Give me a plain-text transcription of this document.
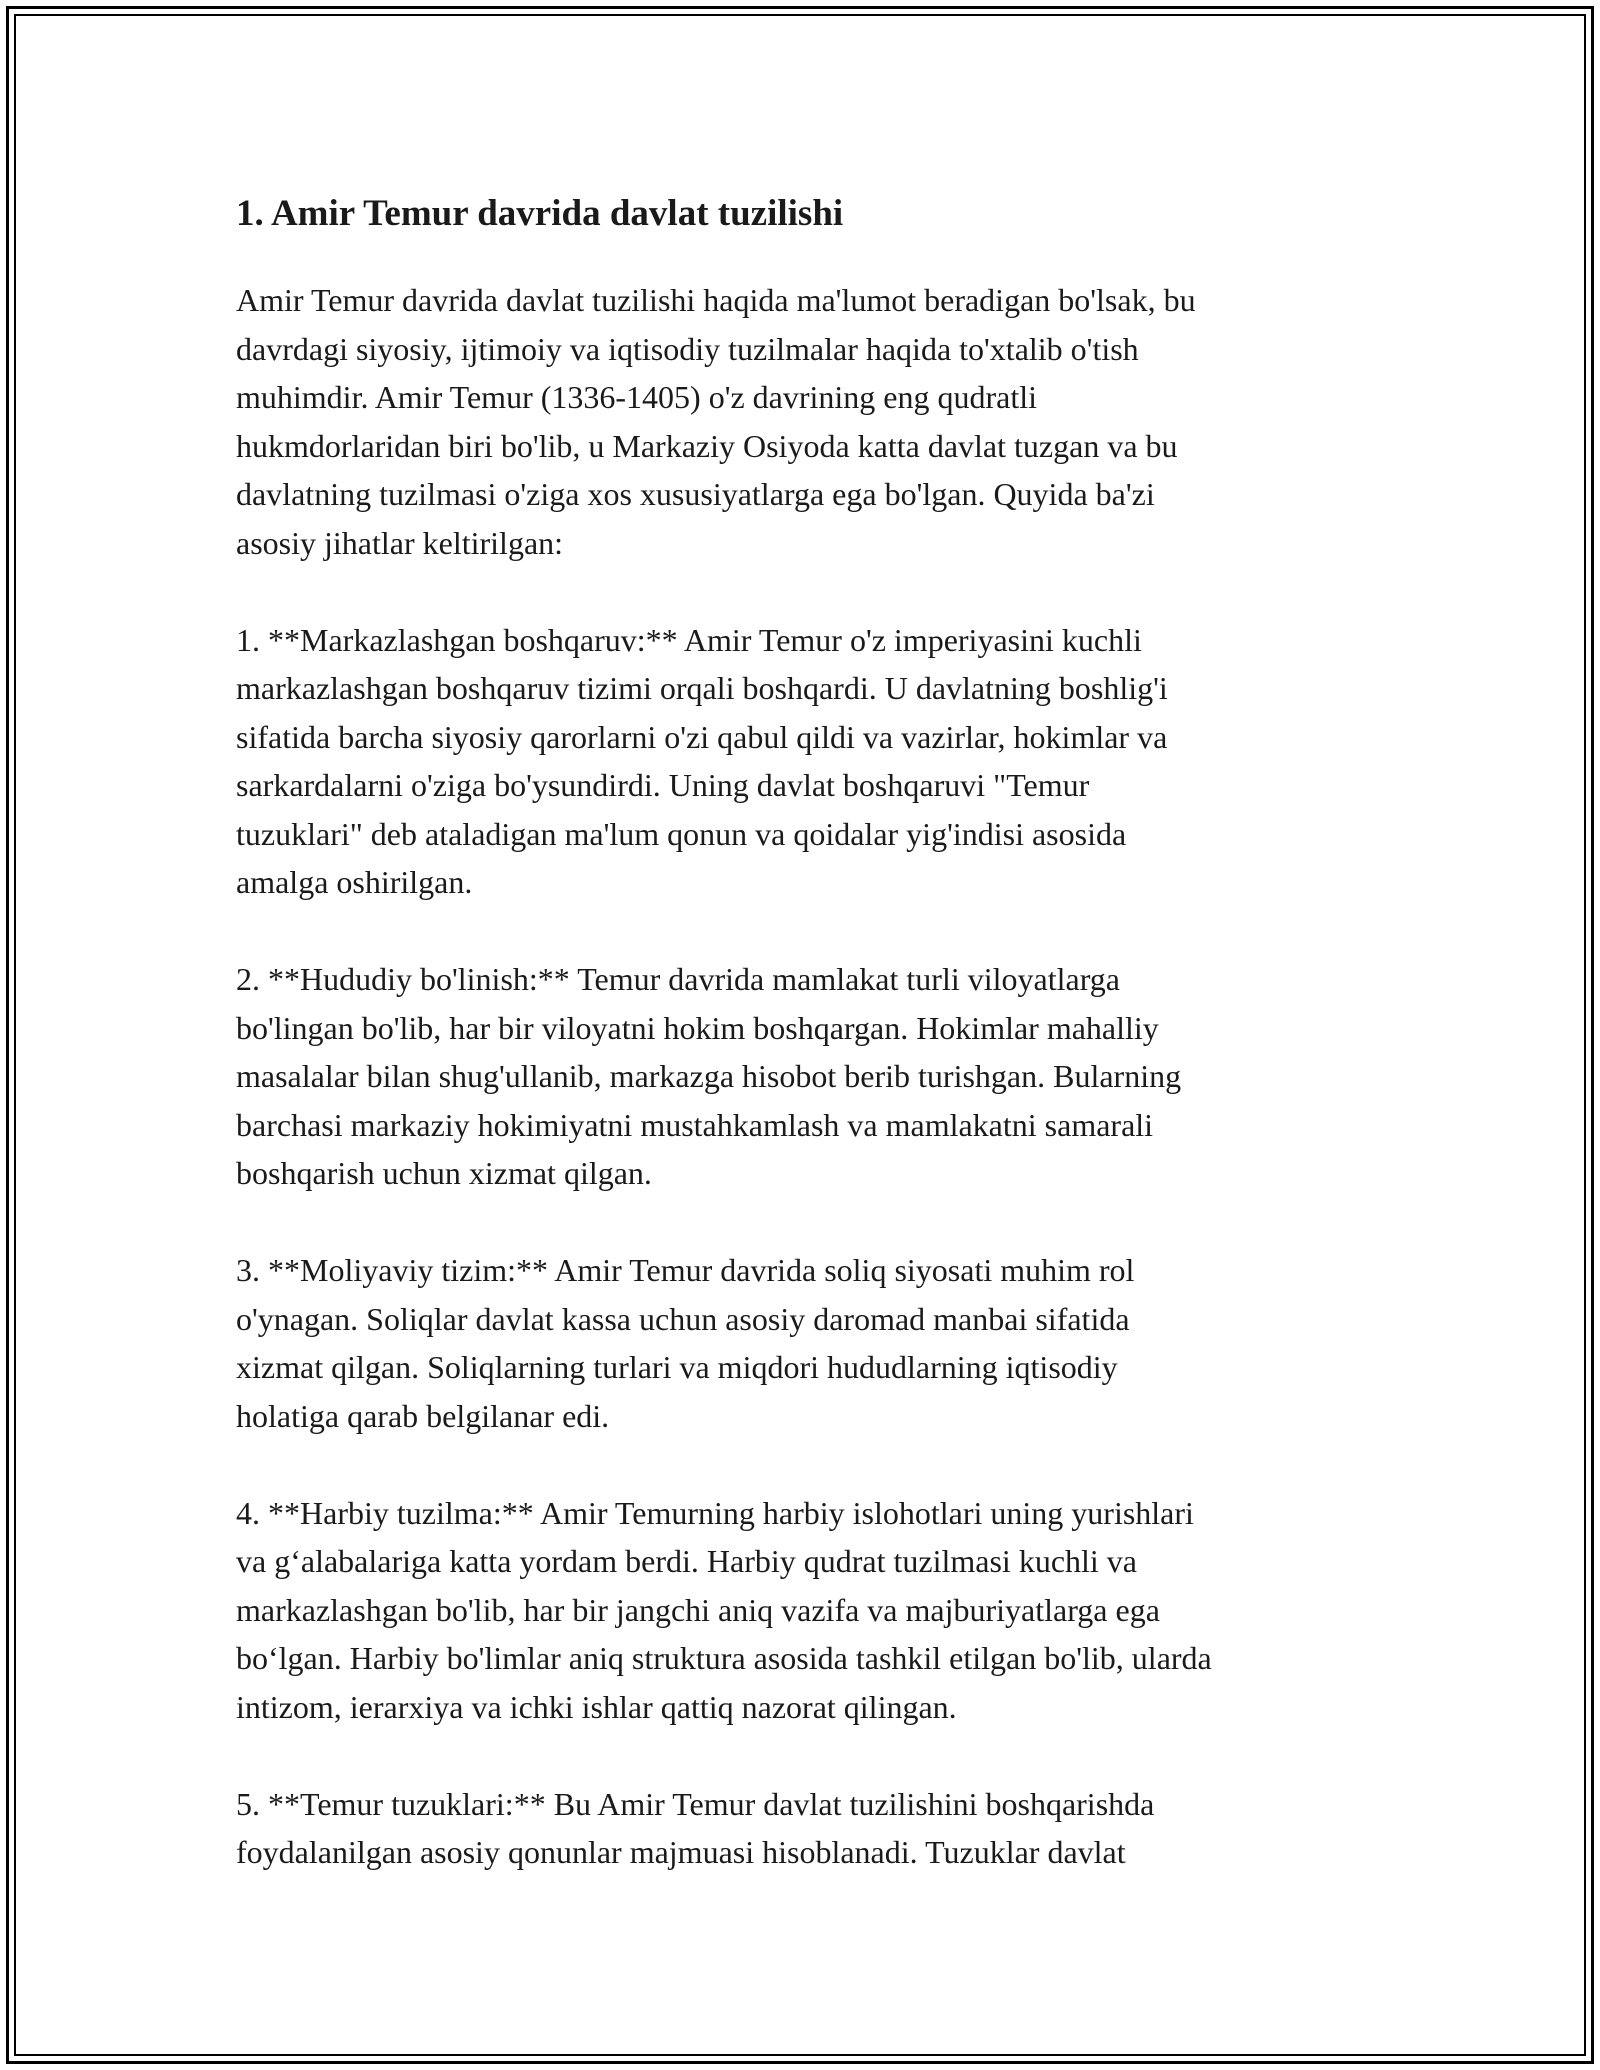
1. Amir Temur davrida davlat tuzilishi

Amir Temur davrida davlat tuzilishi haqida ma'lumot beradigan bo'lsak, bu
davrdagi siyosiy, ijtimoiy va iqtisodiy tuzilmalar haqida to'xtalib o'tish
muhimdir. Amir Temur (1336-1405) o'z davrining eng qudratli
hukmdorlaridan biri bo'lib, u Markaziy Osiyoda katta davlat tuzgan va bu
davlatning tuzilmasi o'ziga xos xususiyatlarga ega bo'lgan. Quyida ba'zi
asosiy jihatlar keltirilgan:

1. **Markazlashgan boshqaruv:** Amir Temur o'z imperiyasini kuchli
markazlashgan boshqaruv tizimi orqali boshqardi. U davlatning boshlig'i
sifatida barcha siyosiy qarorlarni o'zi qabul qildi va vazirlar, hokimlar va
sarkardalarni o'ziga bo'ysundirdi. Uning davlat boshqaruvi "Temur
tuzuklari" deb ataladigan ma'lum qonun va qoidalar yig'indisi asosida
amalga oshirilgan.

2. **Hududiy bo'linish:** Temur davrida mamlakat turli viloyatlarga
bo'lingan bo'lib, har bir viloyatni hokim boshqargan. Hokimlar mahalliy
masalalar bilan shug'ullanib, markazga hisobot berib turishgan. Bularning
barchasi markaziy hokimiyatni mustahkamlash va mamlakatni samarali
boshqarish uchun xizmat qilgan.

3. **Moliyaviy tizim:** Amir Temur davrida soliq siyosati muhim rol
o'ynagan. Soliqlar davlat kassa uchun asosiy daromad manbai sifatida
xizmat qilgan. Soliqlarning turlari va miqdori hududlarning iqtisodiy
holatiga qarab belgilanar edi.

4. **Harbiy tuzilma:** Amir Temurning harbiy islohotlari uning yurishlari
va g‘alabalariga katta yordam berdi. Harbiy qudrat tuzilmasi kuchli va
markazlashgan bo'lib, har bir jangchi aniq vazifa va majburiyatlarga ega
bo‘lgan. Harbiy bo'limlar aniq struktura asosida tashkil etilgan bo'lib, ularda
intizom, ierarxiya va ichki ishlar qattiq nazorat qilingan.

5. **Temur tuzuklari:** Bu Amir Temur davlat tuzilishini boshqarishda
foydalanilgan asosiy qonunlar majmuasi hisoblanadi. Tuzuklar davlat
